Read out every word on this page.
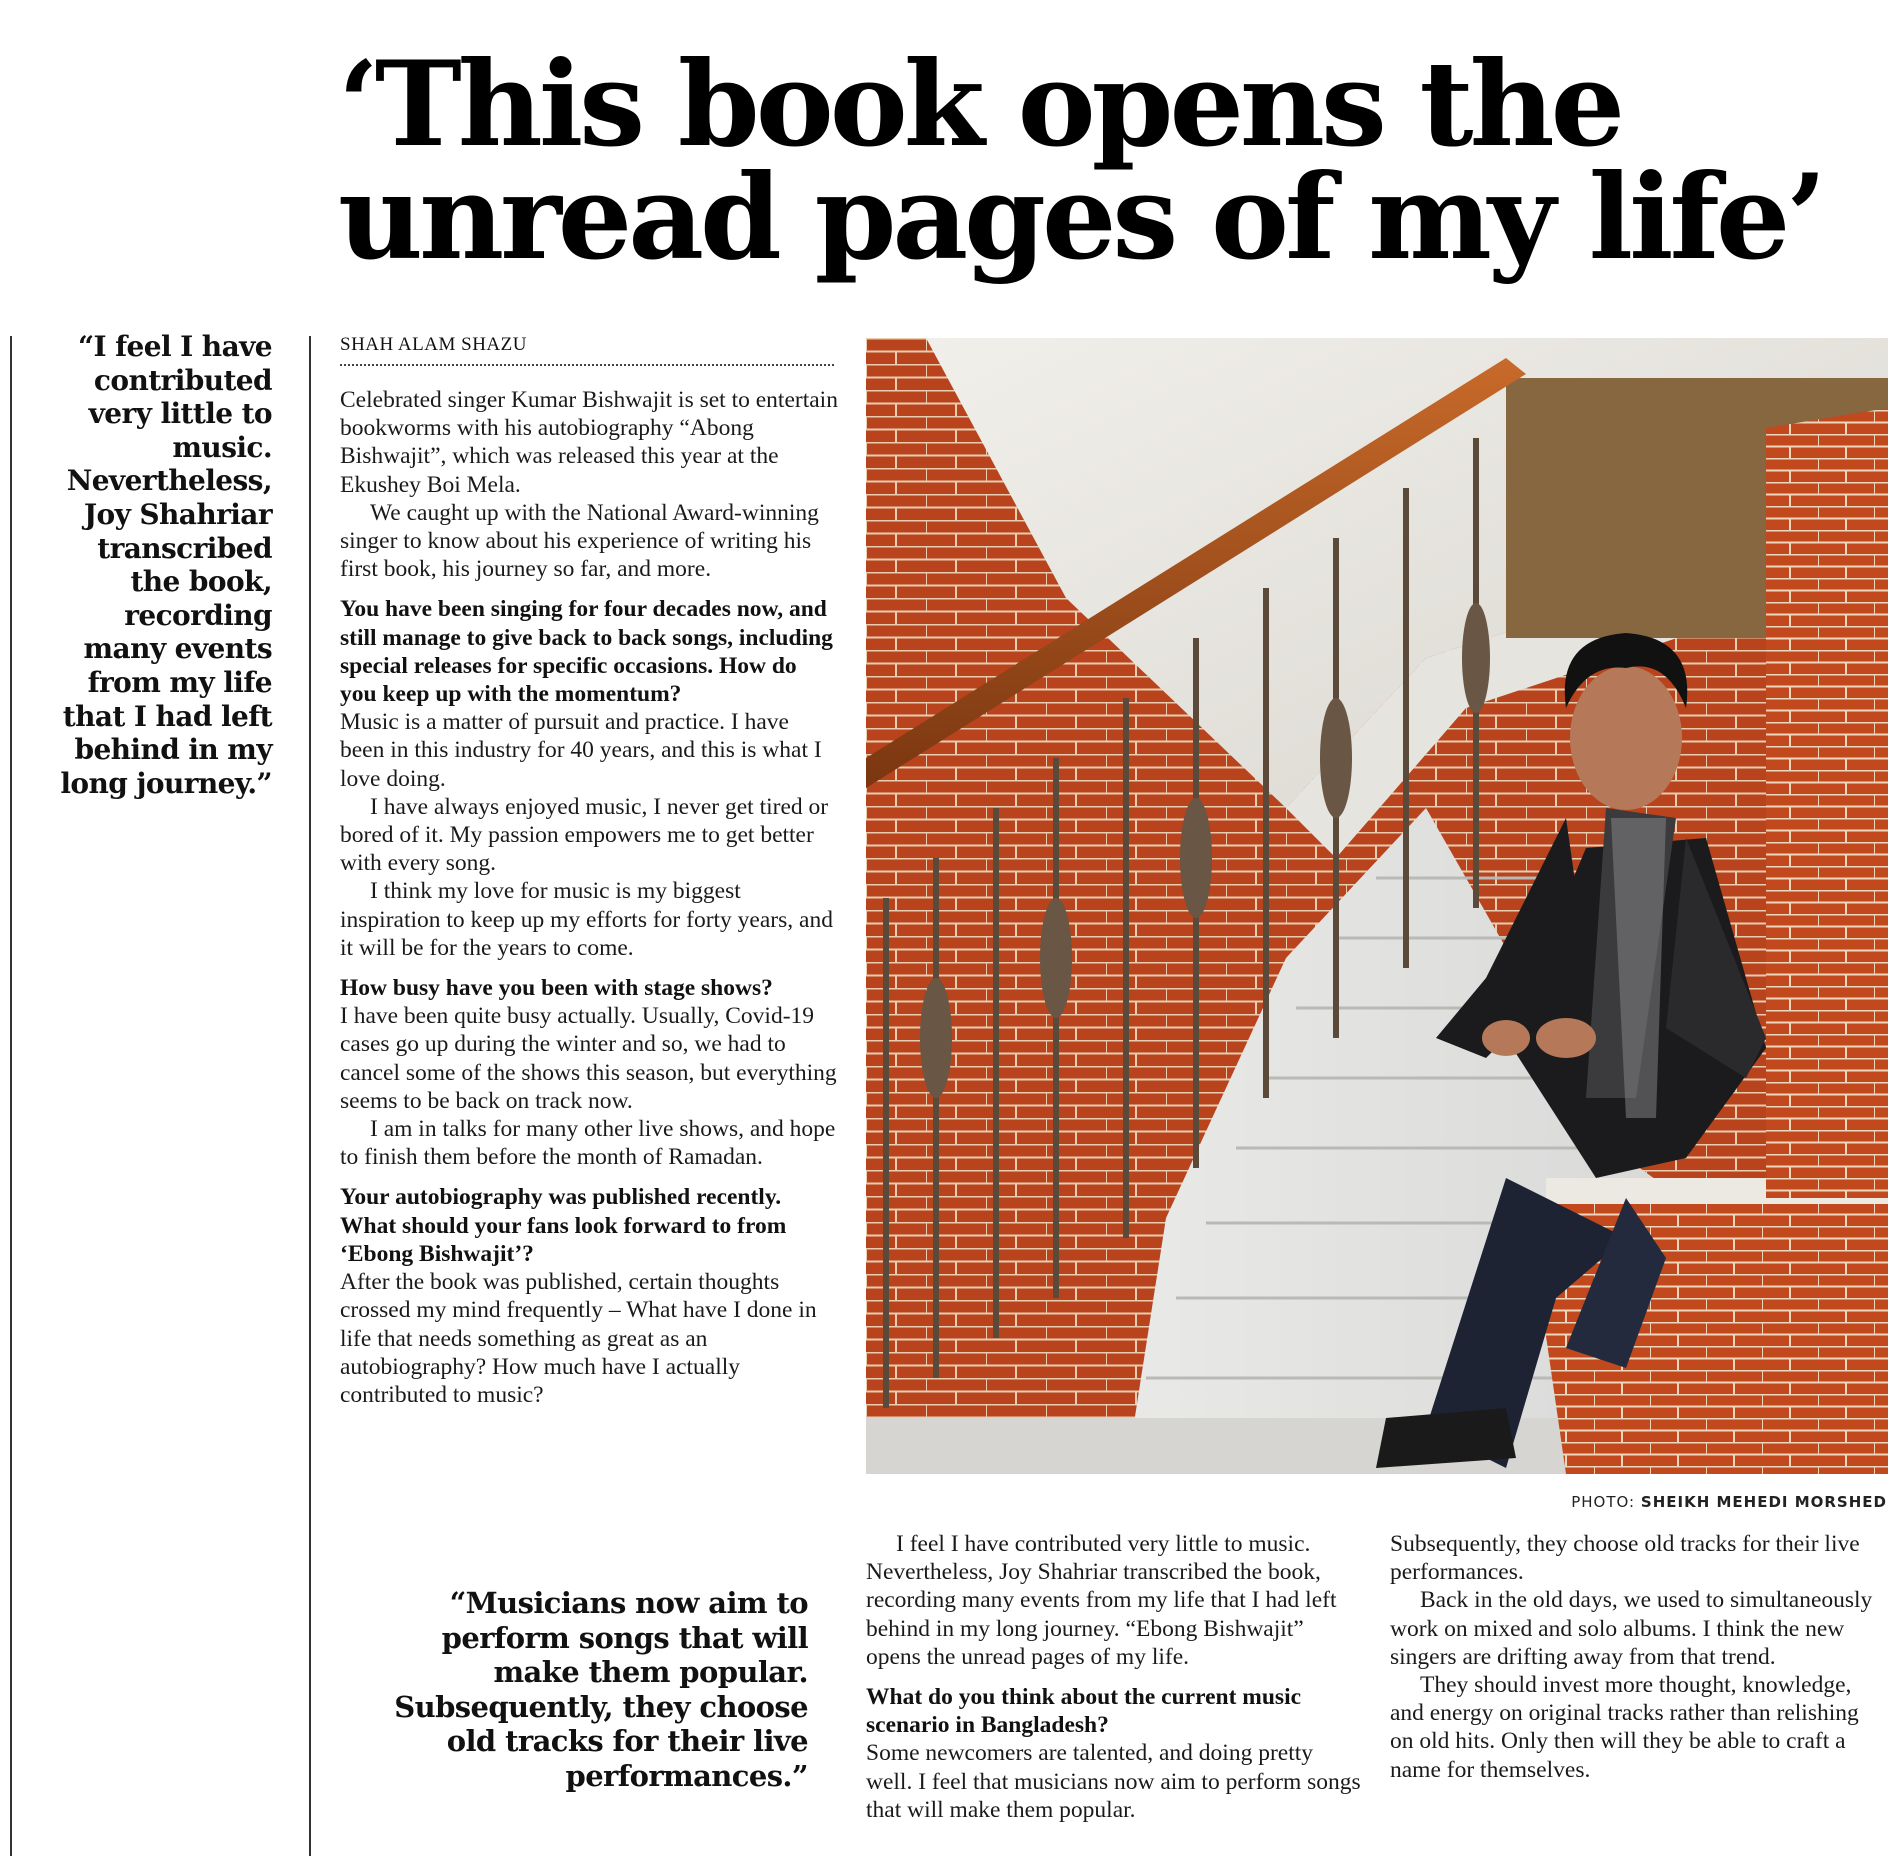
‘This book opens the unread pages of my life’

“I feel I have contributed very little to music. Nevertheless, Joy Shahriar transcribed the book, recording many events from my life that I had left behind in my long journey.”

SHAH ALAM SHAZU

Celebrated singer Kumar Bishwajit is set to entertain bookworms with his autobiography “Abong Bishwajit”, which was released this year at the Ekushey Boi Mela.

We caught up with the National Award-winning singer to know about his experience of writing his first book, his journey so far, and more.

You have been singing for four decades now, and still manage to give back to back songs, including special releases for specific occasions. How do you keep up with the momentum?

Music is a matter of pursuit and practice. I have been in this industry for 40 years, and this is what I love doing.

I have always enjoyed music, I never get tired or bored of it. My passion empowers me to get better with every song.

I think my love for music is my biggest inspiration to keep up my efforts for forty years, and it will be for the years to come.

How busy have you been with stage shows?

I have been quite busy actually. Usually, Covid-19 cases go up during the winter and so, we had to cancel some of the shows this season, but everything seems to be back on track now.

I am in talks for many other live shows, and hope to finish them before the month of Ramadan.

Your autobiography was published recently. What should your fans look forward to from ‘Ebong Bishwajit’?

After the book was published, certain thoughts crossed my mind frequently – What have I done in life that needs something as great as an autobiography? How much have I actually contributed to music?

PHOTO: SHEIKH MEHEDI MORSHED

“Musicians now aim to perform songs that will make them popular. Subsequently, they choose old tracks for their live performances.”

I feel I have contributed very little to music. Nevertheless, Joy Shahriar transcribed the book, recording many events from my life that I had left behind in my long journey. “Ebong Bishwajit” opens the unread pages of my life.

What do you think about the current music scenario in Bangladesh?

Some newcomers are talented, and doing pretty well. I feel that musicians now aim to perform songs that will make them popular.

Subsequently, they choose old tracks for their live performances.

Back in the old days, we used to simultaneously work on mixed and solo albums. I think the new singers are drifting away from that trend.

They should invest more thought, knowledge, and energy on original tracks rather than relishing on old hits. Only then will they be able to craft a name for themselves.
